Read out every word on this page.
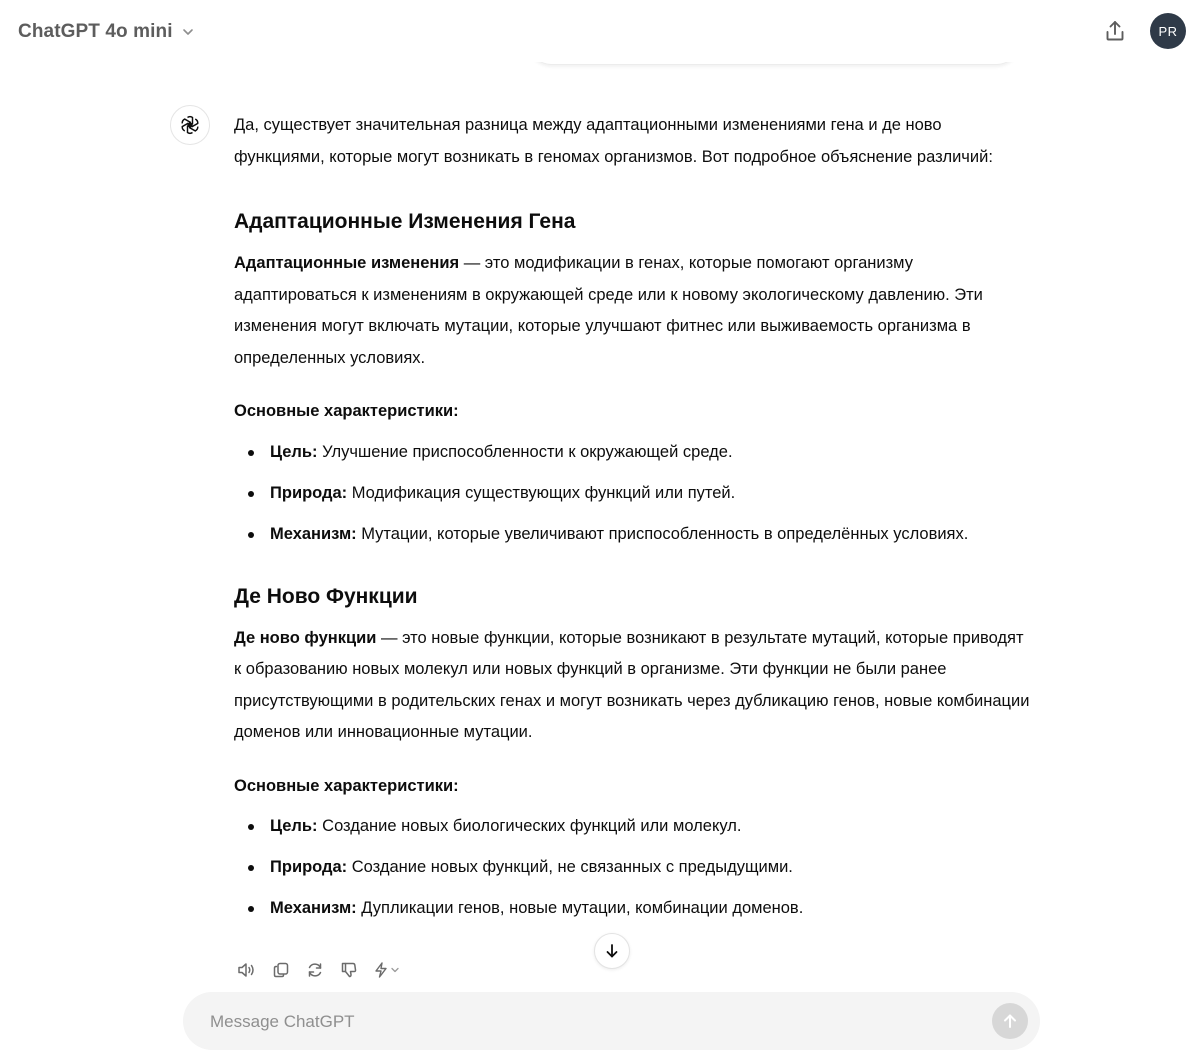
ChatGPT 4o mini	PR

Да, существует значительная разница между адаптационными изменениями гена и де ново функциями, которые могут возникать в геномах организмов. Вот подробное объяснение различий:

Адаптационные Изменения Гена

Адаптационные изменения — это модификации в генах, которые помогают организму адаптироваться к изменениям в окружающей среде или к новому экологическому давлению. Эти изменения могут включать мутации, которые улучшают фитнес или выживаемость организма в определенных условиях.

Основные характеристики:

Цель: Улучшение приспособленности к окружающей среде.
Природа: Модификация существующих функций или путей.
Механизм: Мутации, которые увеличивают приспособленность в определённых условиях.
Де Ново Функции

Де ново функции — это новые функции, которые возникают в результате мутаций, которые приводят к образованию новых молекул или новых функций в организме. Эти функции не были ранее присутствующими в родительских генах и могут возникать через дубликацию генов, новые комбинации доменов или инновационные мутации.

Основные характеристики:

Цель: Создание новых биологических функций или молекул.
Природа: Создание новых функций, не связанных с предыдущими.
Механизм: Дупликации генов, новые мутации, комбинации доменов.
Message ChatGPT
